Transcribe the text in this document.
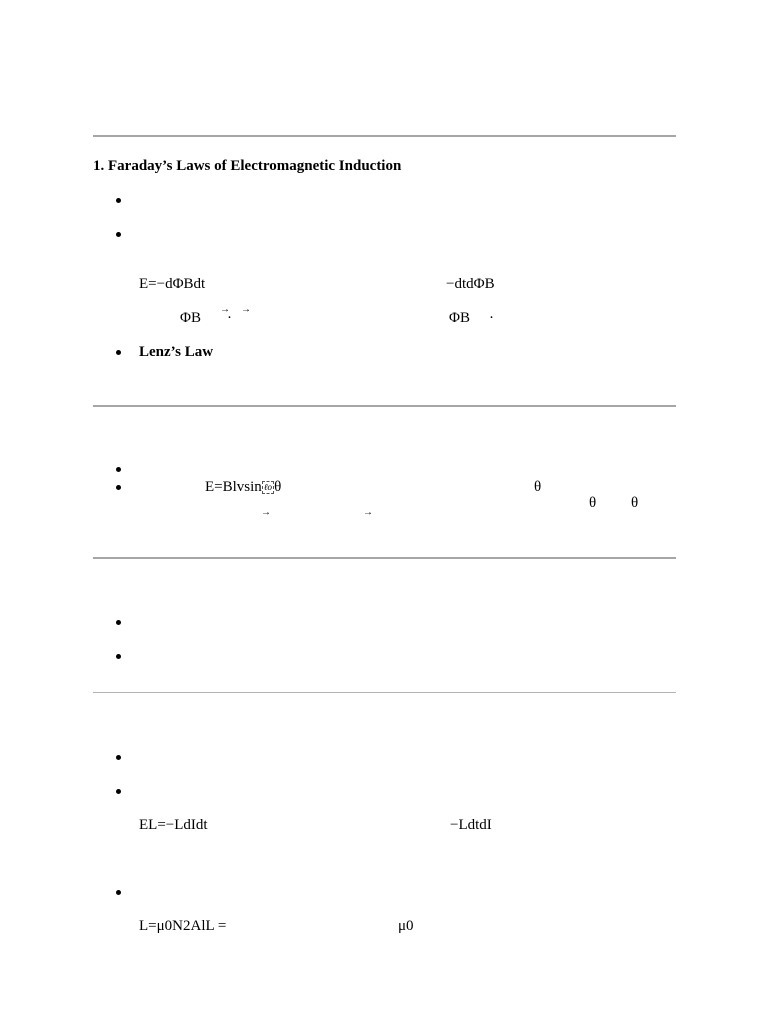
1. Faraday’s Laws of Electromagnetic Induction
E=−dΦBdt	−dtdΦB
ΦB
→
·
→
ΦB ·
Lenz’s Law
E=Blvsin ℓo θ	θ
θ θ
→	→
EL=−LdIdt	−LdtdI
L=μ0N2AlL =	μ0
